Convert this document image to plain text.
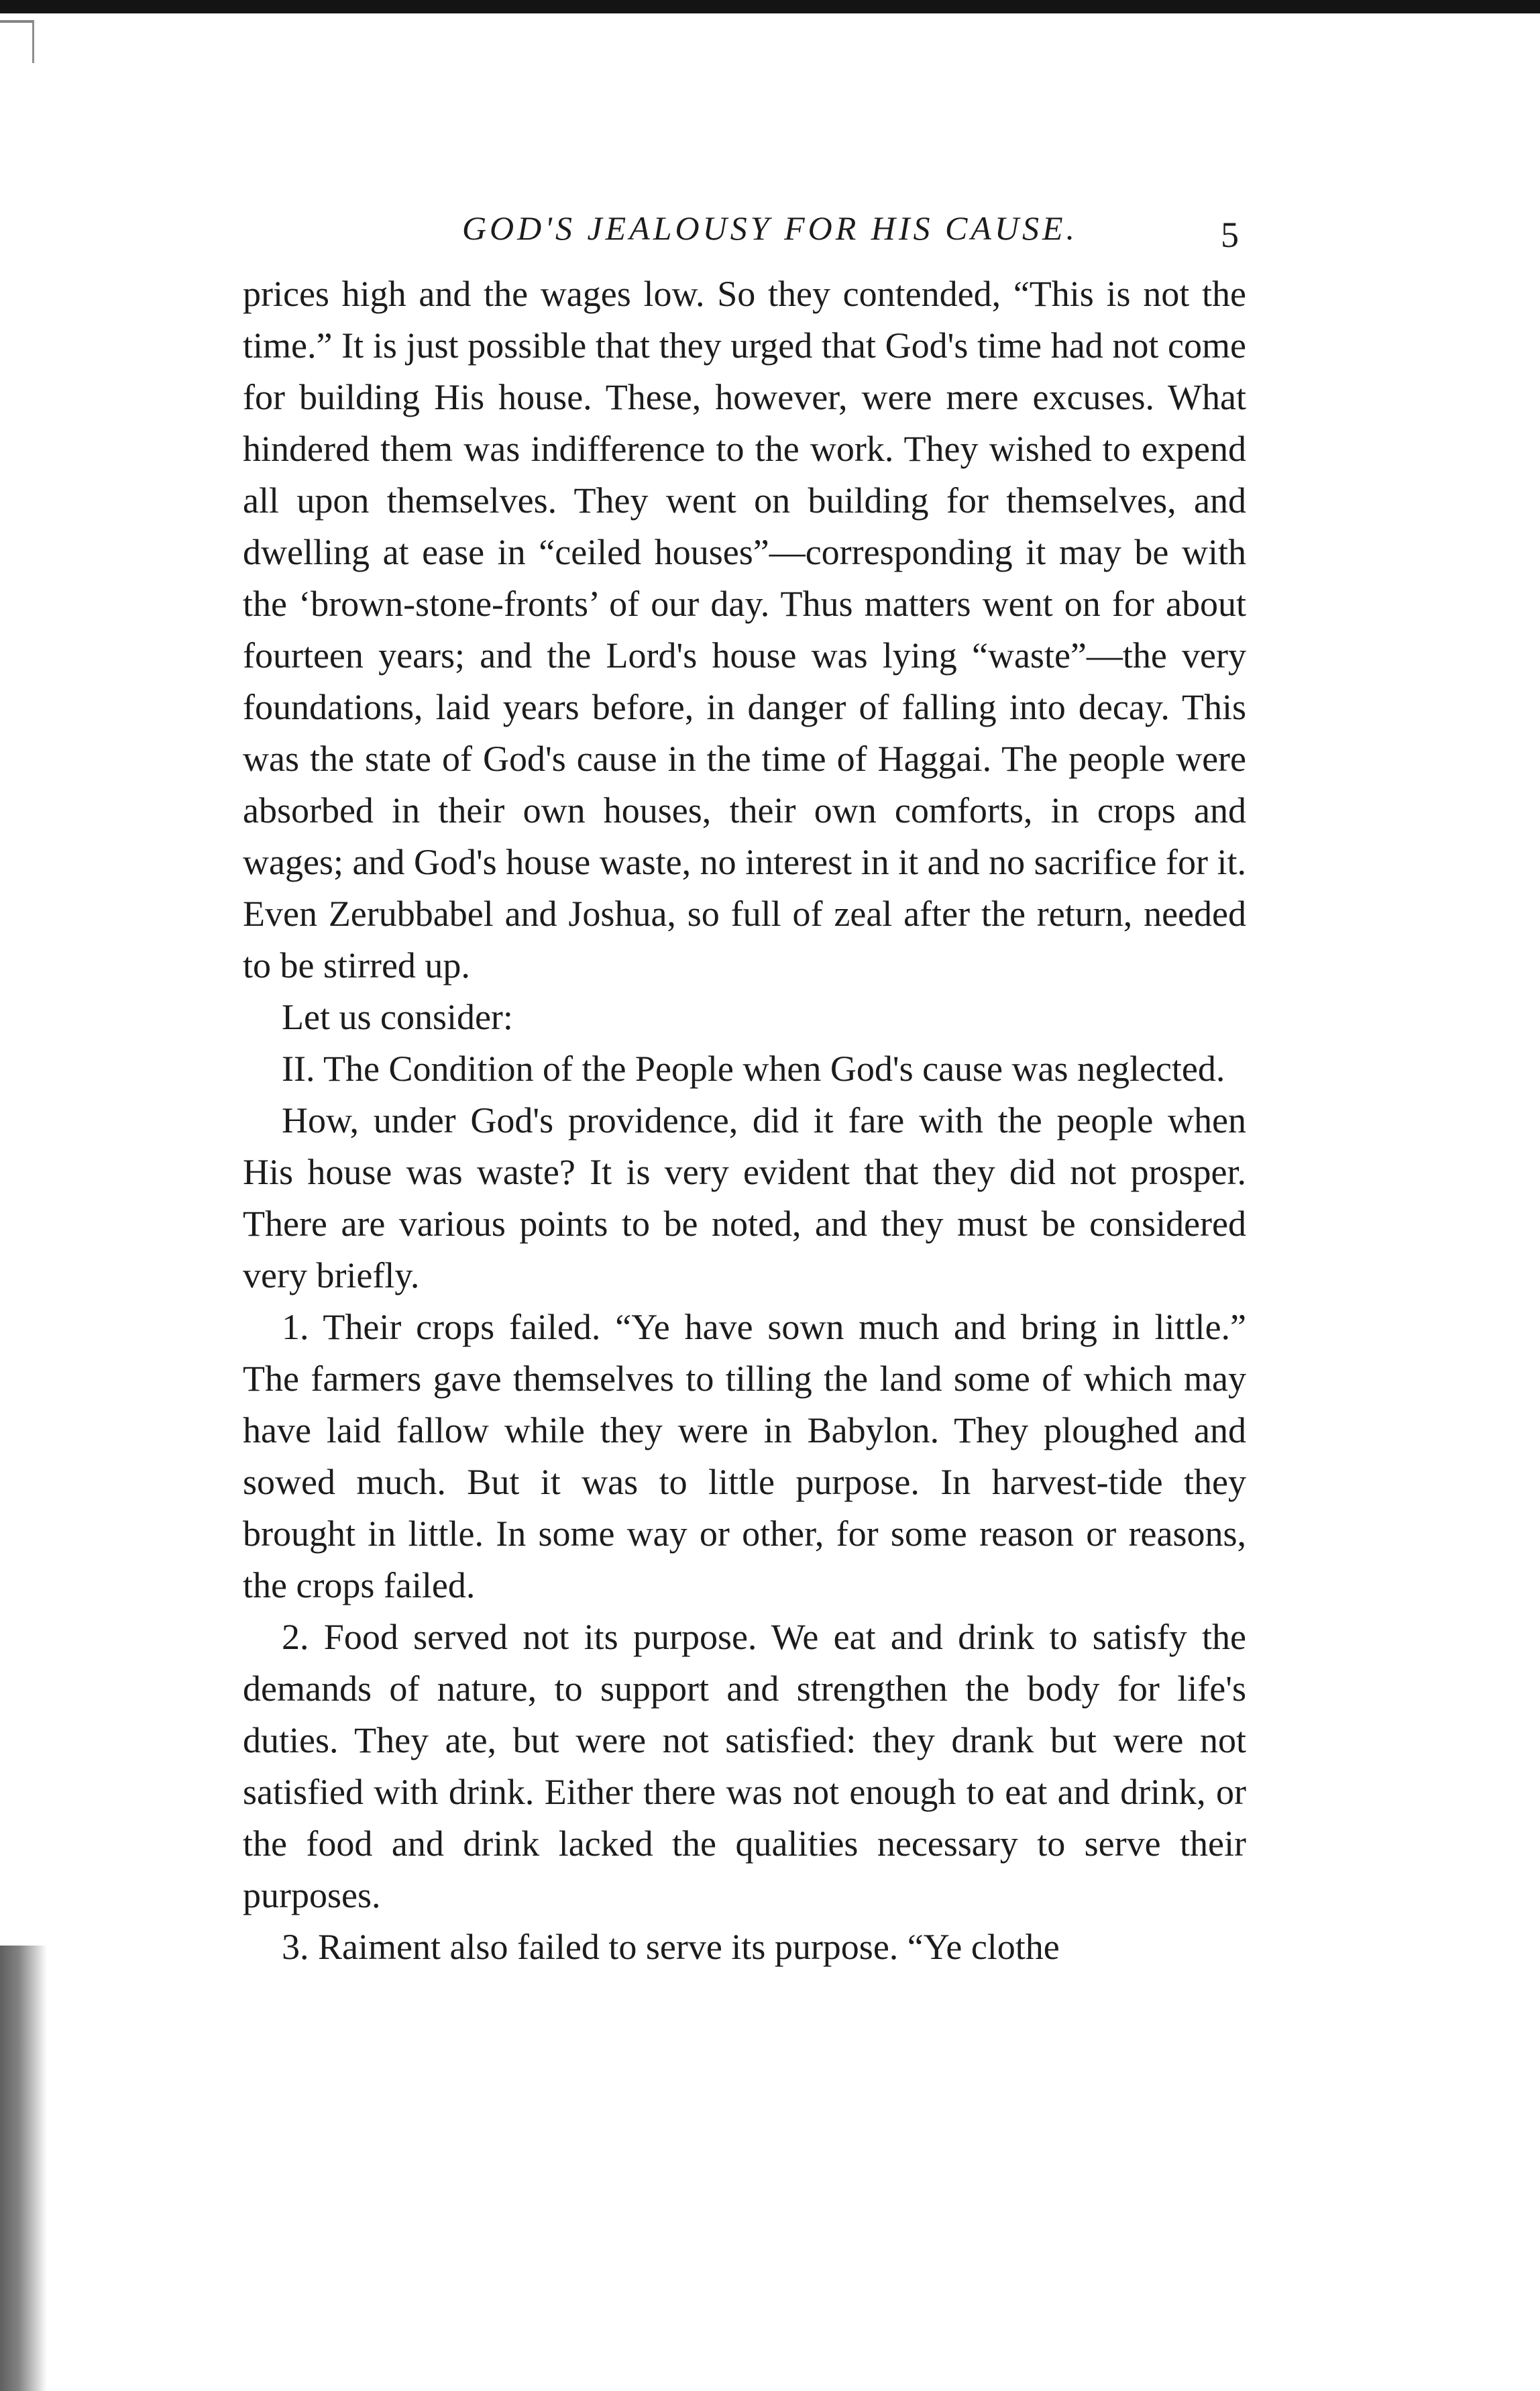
GOD'S JEALOUSY FOR HIS CAUSE.	5

prices high and the wages low. So they contended, “This is not the time.” It is just possible that they urged that God's time had not come for building His house. These, however, were mere excuses. What hindered them was indifference to the work. They wished to expend all upon themselves. They went on building for themselves, and dwelling at ease in “ceiled houses”—corresponding it may be with the ‘brown-stone-fronts’ of our day. Thus matters went on for about fourteen years; and the Lord's house was lying “waste”—the very foundations, laid years before, in danger of falling into decay. This was the state of God's cause in the time of Haggai. The people were absorbed in their own houses, their own comforts, in crops and wages; and God's house waste, no interest in it and no sacrifice for it. Even Zerubbabel and Joshua, so full of zeal after the return, needed to be stirred up.

Let us consider:

II. The Condition of the People when God's cause was neglected.

How, under God's providence, did it fare with the people when His house was waste? It is very evident that they did not prosper. There are various points to be noted, and they must be considered very briefly.

1. Their crops failed. “Ye have sown much and bring in little.” The farmers gave themselves to tilling the land some of which may have laid fallow while they were in Babylon. They ploughed and sowed much. But it was to little purpose. In harvest-tide they brought in little. In some way or other, for some reason or reasons, the crops failed.

2. Food served not its purpose. We eat and drink to satisfy the demands of nature, to support and strengthen the body for life's duties. They ate, but were not satisfied: they drank but were not satisfied with drink. Either there was not enough to eat and drink, or the food and drink lacked the qualities necessary to serve their purposes.

3. Raiment also failed to serve its purpose. “Ye clothe
